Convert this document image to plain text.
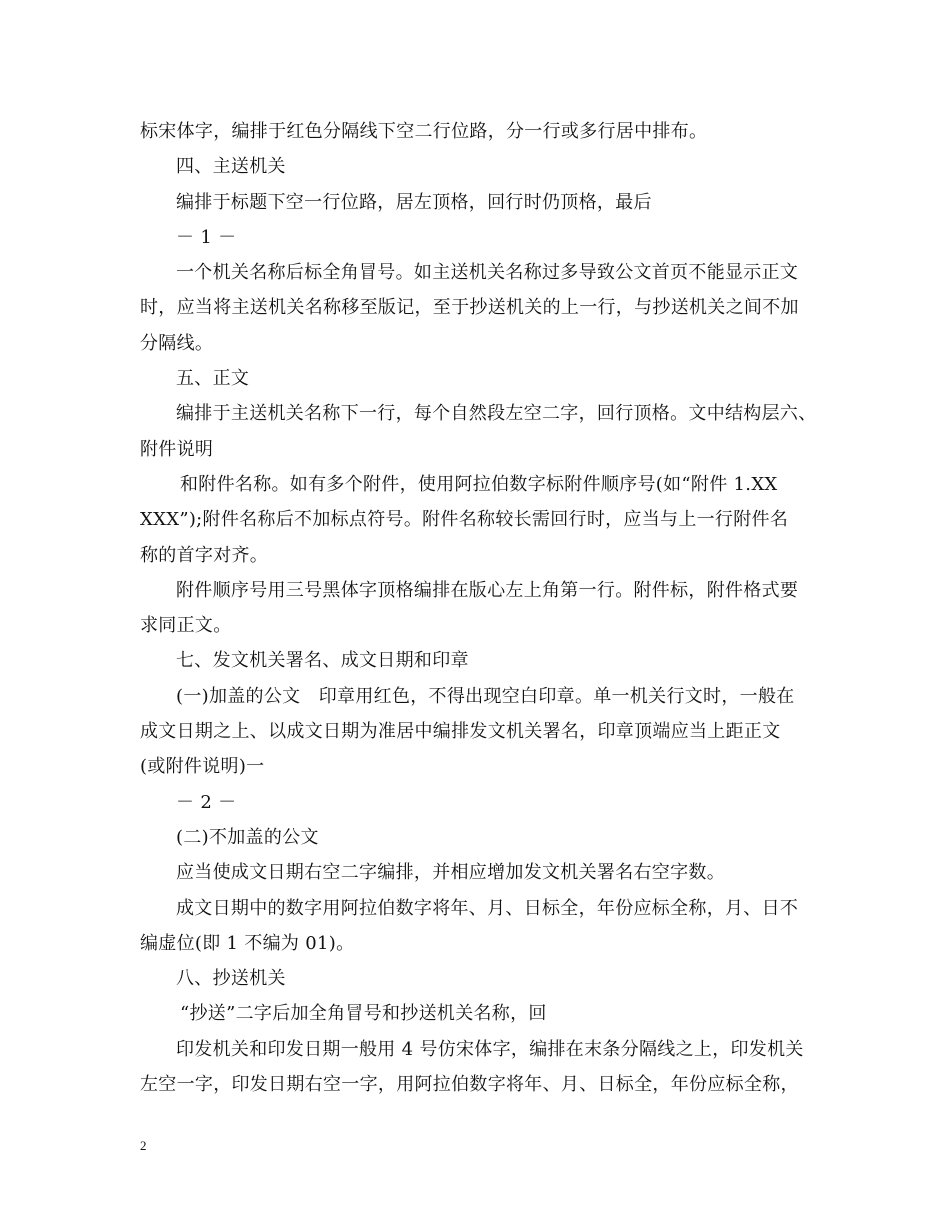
标宋体字，编排于红色分隔线下空二行位路，分一行或多行居中排布。
四、主送机关
编排于标题下空一行位路，居左顶格，回行时仍顶格，最后
－ 1 －
一个机关名称后标全角冒号。如主送机关名称过多导致公文首页不能显示正文
时，应当将主送机关名称移至版记，至于抄送机关的上一行，与抄送机关之间不加
分隔线。
五、正文
编排于主送机关名称下一行，每个自然段左空二字，回行顶格。文中结构层六、
附件说明
和附件名称。如有多个附件，使用阿拉伯数字标附件顺序号(如“附件 1.XX
XXX”);附件名称后不加标点符号。附件名称较长需回行时，应当与上一行附件名
称的首字对齐。
附件顺序号用三号黑体字顶格编排在版心左上角第一行。附件标，附件格式要
求同正文。
七、发文机关署名、成文日期和印章
(一)加盖的公文　印章用红色，不得出现空白印章。单一机关行文时，一般在
成文日期之上、以成文日期为准居中编排发文机关署名，印章顶端应当上距正文
(或附件说明)一
－ 2 －
(二)不加盖的公文
应当使成文日期右空二字编排，并相应增加发文机关署名右空字数。
成文日期中的数字用阿拉伯数字将年、月、日标全，年份应标全称，月、日不
编虚位(即 1 不编为 01)。
八、抄送机关
“抄送”二字后加全角冒号和抄送机关名称，回
印发机关和印发日期一般用 4 号仿宋体字，编排在末条分隔线之上，印发机关
左空一字，印发日期右空一字，用阿拉伯数字将年、月、日标全，年份应标全称，
2
